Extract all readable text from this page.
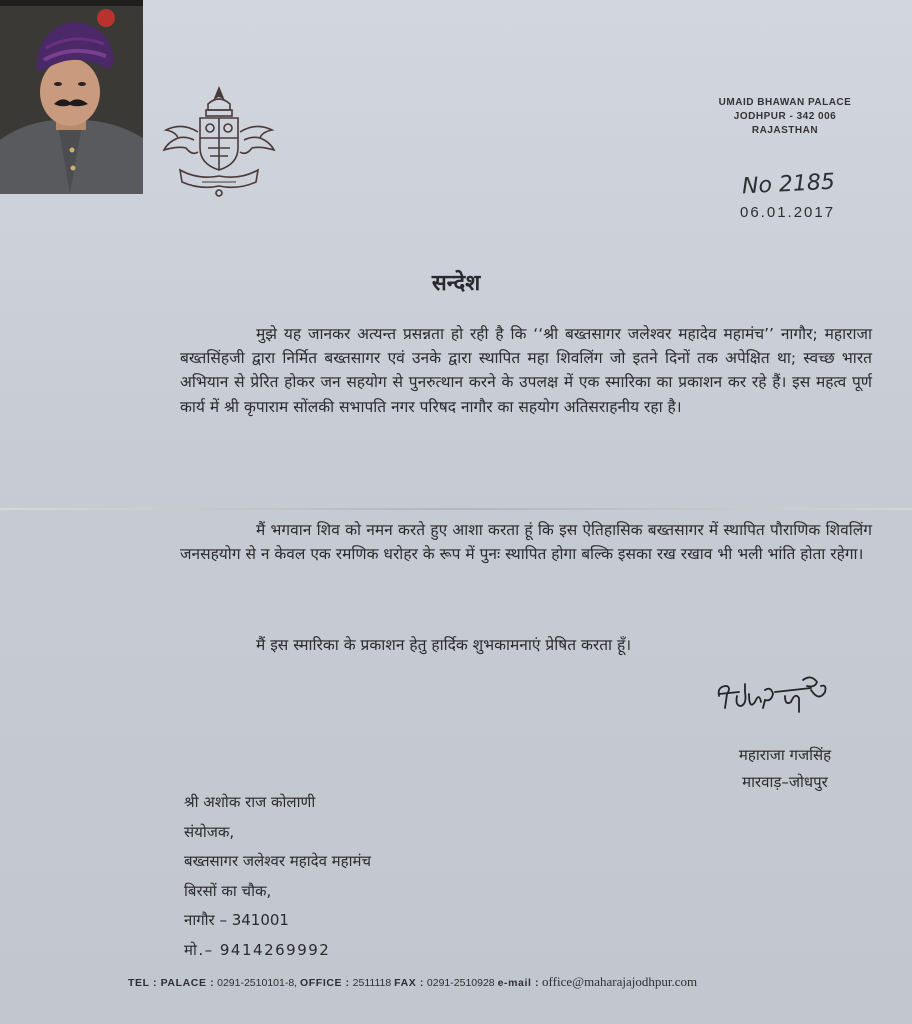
UMAID BHAWAN PALACE
JODHPUR - 342 006
RAJASTHAN
No 2185
06.01.2017
सन्देश

मुझे यह जानकर अत्यन्त प्रसन्नता हो रही है कि ‘‘श्री बख्तसागर जलेश्वर महादेव महामंच’’ नागौर; महाराजा बख्तसिंहजी द्वारा निर्मित बख्तसागर एवं उनके द्वारा स्थापित महा शिवलिंग जो इतने दिनों तक अपेक्षित था; स्वच्छ भारत अभियान से प्रेरित होकर जन सहयोग से पुनरुत्थान करने के उपलक्ष में एक स्मारिका का प्रकाशन कर रहे हैं। इस महत्व पूर्ण कार्य में श्री कृपाराम सोंलकी सभापति नगर परिषद नागौर का सहयोग अतिसराहनीय रहा है।

मैं भगवान शिव को नमन करते हुए आशा करता हूं कि इस ऐतिहासिक बख्तसागर में स्थापित पौराणिक शिवलिंग जनसहयोग से न केवल एक रमणिक धरोहर के रूप में पुनः स्थापित होगा बल्कि इसका रख रखाव भी भली भांति होता रहेगा।

मैं इस स्मारिका के प्रकाशन हेतु हार्दिक शुभकामनाएं प्रेषित करता हूँ।

महाराजा गजसिंह
मारवाड़–जोधपुर
श्री अशोक राज कोलाणी
संयोजक,
बख्तसागर जलेश्वर महादेव महामंच
बिरसों का चौक,
नागौर – 341001
मो.– 9414269992
TEL : PALACE : 0291-2510101-8, OFFICE : 2511118 FAX : 0291-2510928 e-mail : office@maharajajodhpur.com
